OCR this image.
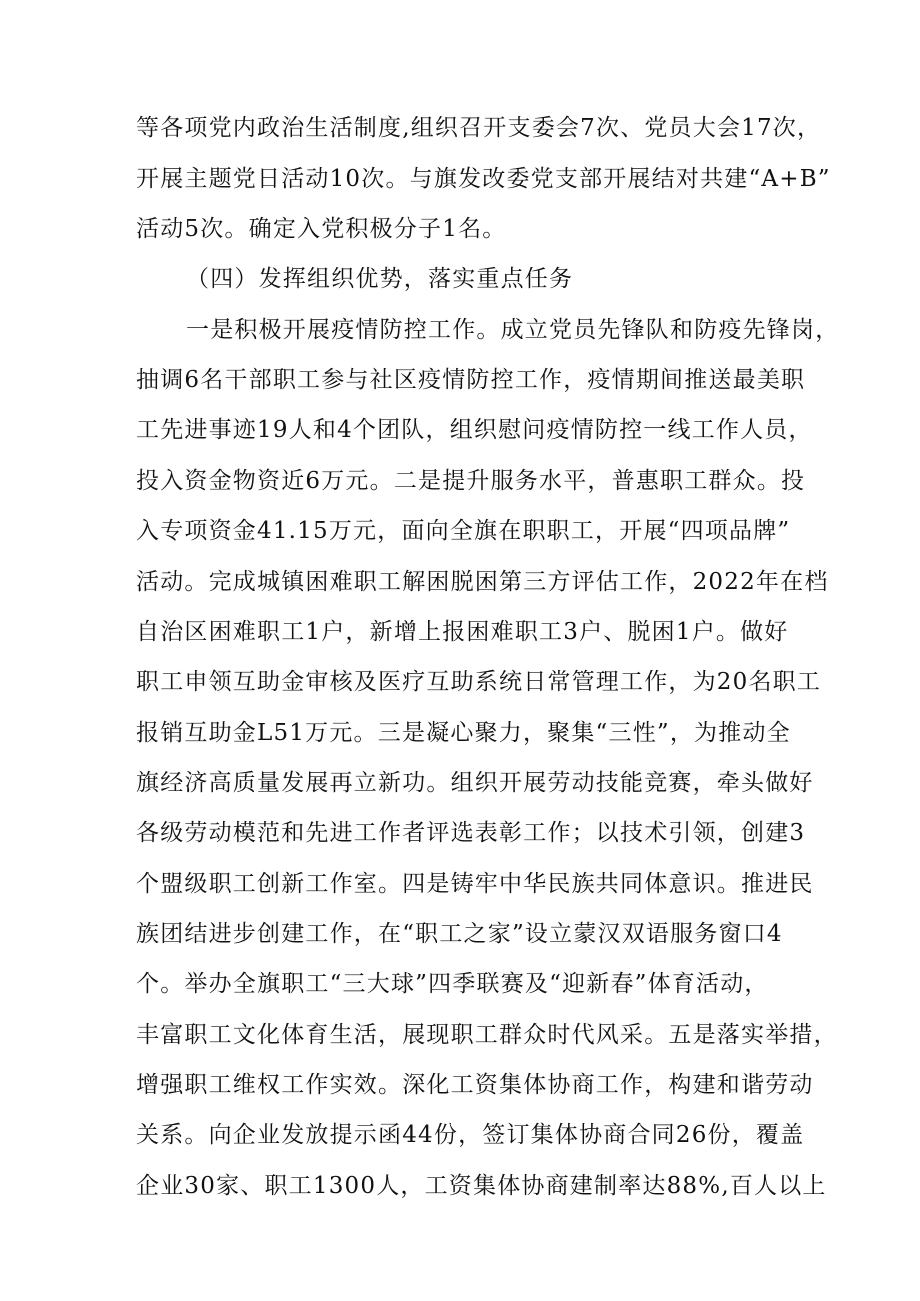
等各项党内政治生活制度,组织召开支委会7次、党员大会17次，
开展主题党日活动10次。与旗发改委党支部开展结对共建“A+B”
活动5次。确定入党积极分子1名。
（四）发挥组织优势，落实重点任务
一是积极开展疫情防控工作。成立党员先锋队和防疫先锋岗，
抽调6名干部职工参与社区疫情防控工作，疫情期间推送最美职
工先进事迹19人和4个团队，组织慰问疫情防控一线工作人员，
投入资金物资近6万元。二是提升服务水平，普惠职工群众。投
入专项资金41.15万元，面向全旗在职职工，开展“四项品牌”
活动。完成城镇困难职工解困脱困第三方评估工作，2022年在档
自治区困难职工1户，新增上报困难职工3户、脱困1户。做好
职工申领互助金审核及医疗互助系统日常管理工作，为20名职工
报销互助金L51万元。三是凝心聚力，聚集“三性”，为推动全
旗经济高质量发展再立新功。组织开展劳动技能竞赛，牵头做好
各级劳动模范和先进工作者评选表彰工作；以技术引领，创建3
个盟级职工创新工作室。四是铸牢中华民族共同体意识。推进民
族团结进步创建工作，在“职工之家”设立蒙汉双语服务窗口4
个。举办全旗职工“三大球”四季联赛及“迎新春”体育活动，
丰富职工文化体育生活，展现职工群众时代风采。五是落实举措，
增强职工维权工作实效。深化工资集体协商工作，构建和谐劳动
关系。向企业发放提示函44份，签订集体协商合同26份，覆盖
企业30家、职工1300人，工资集体协商建制率达88%,百人以上
